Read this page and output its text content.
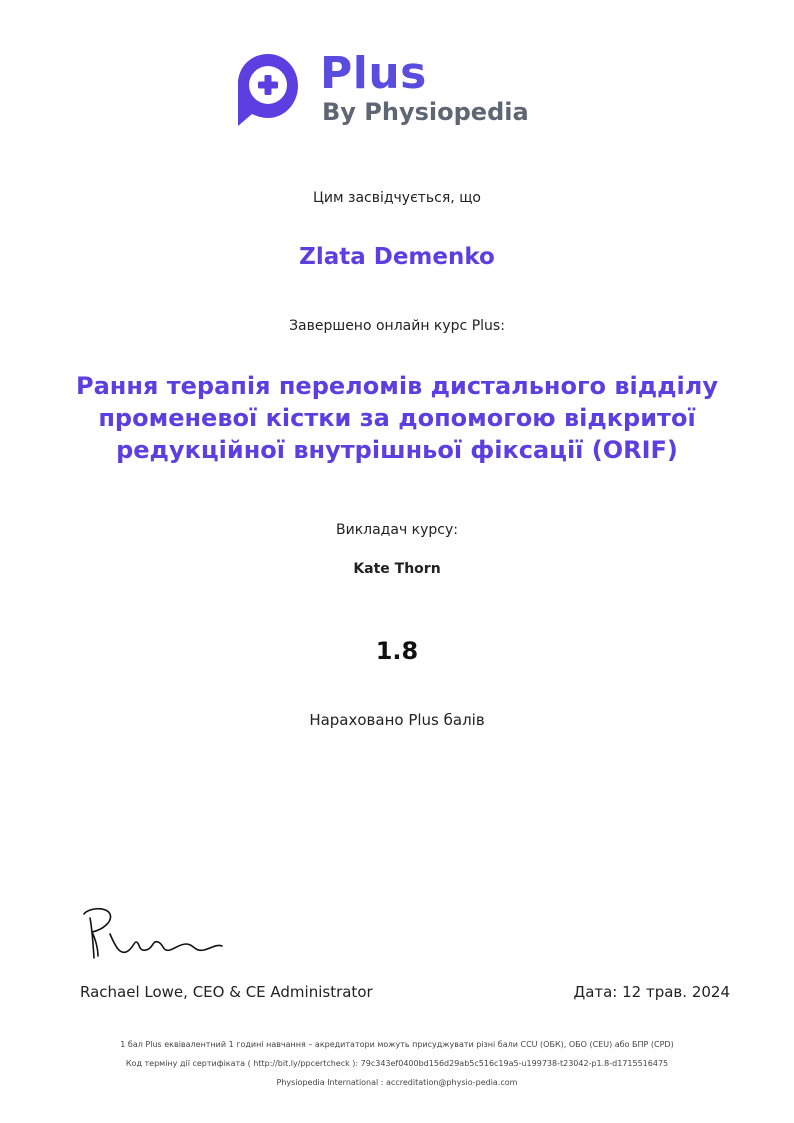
Plus
By Physiopedia
Цим засвідчується, що
Zlata Demenko
Завершено онлайн курс Plus:
Рання терапія переломів дистального відділу променевої кістки за допомогою відкритої редукційної внутрішньої фіксації (ORIF)
Викладач курсу:
Kate Thorn
1.8
Нараховано Plus балів
Rachael Lowe, CEO & CE Administrator	Дата: 12 трав. 2024
1 бал Plus еквівалентний 1 годині навчання – акредитатори можуть присуджувати різні бали CCU (ОБК), ОБО (CEU) або БПР (CPD)
Код терміну дії сертифіката ( http://bit.ly/ppcertcheck ): 79c343ef0400bd156d29ab5c516c19a5-u199738-t23042-p1.8-d1715516475
Physiopedia International : accreditation@physio-pedia.com
